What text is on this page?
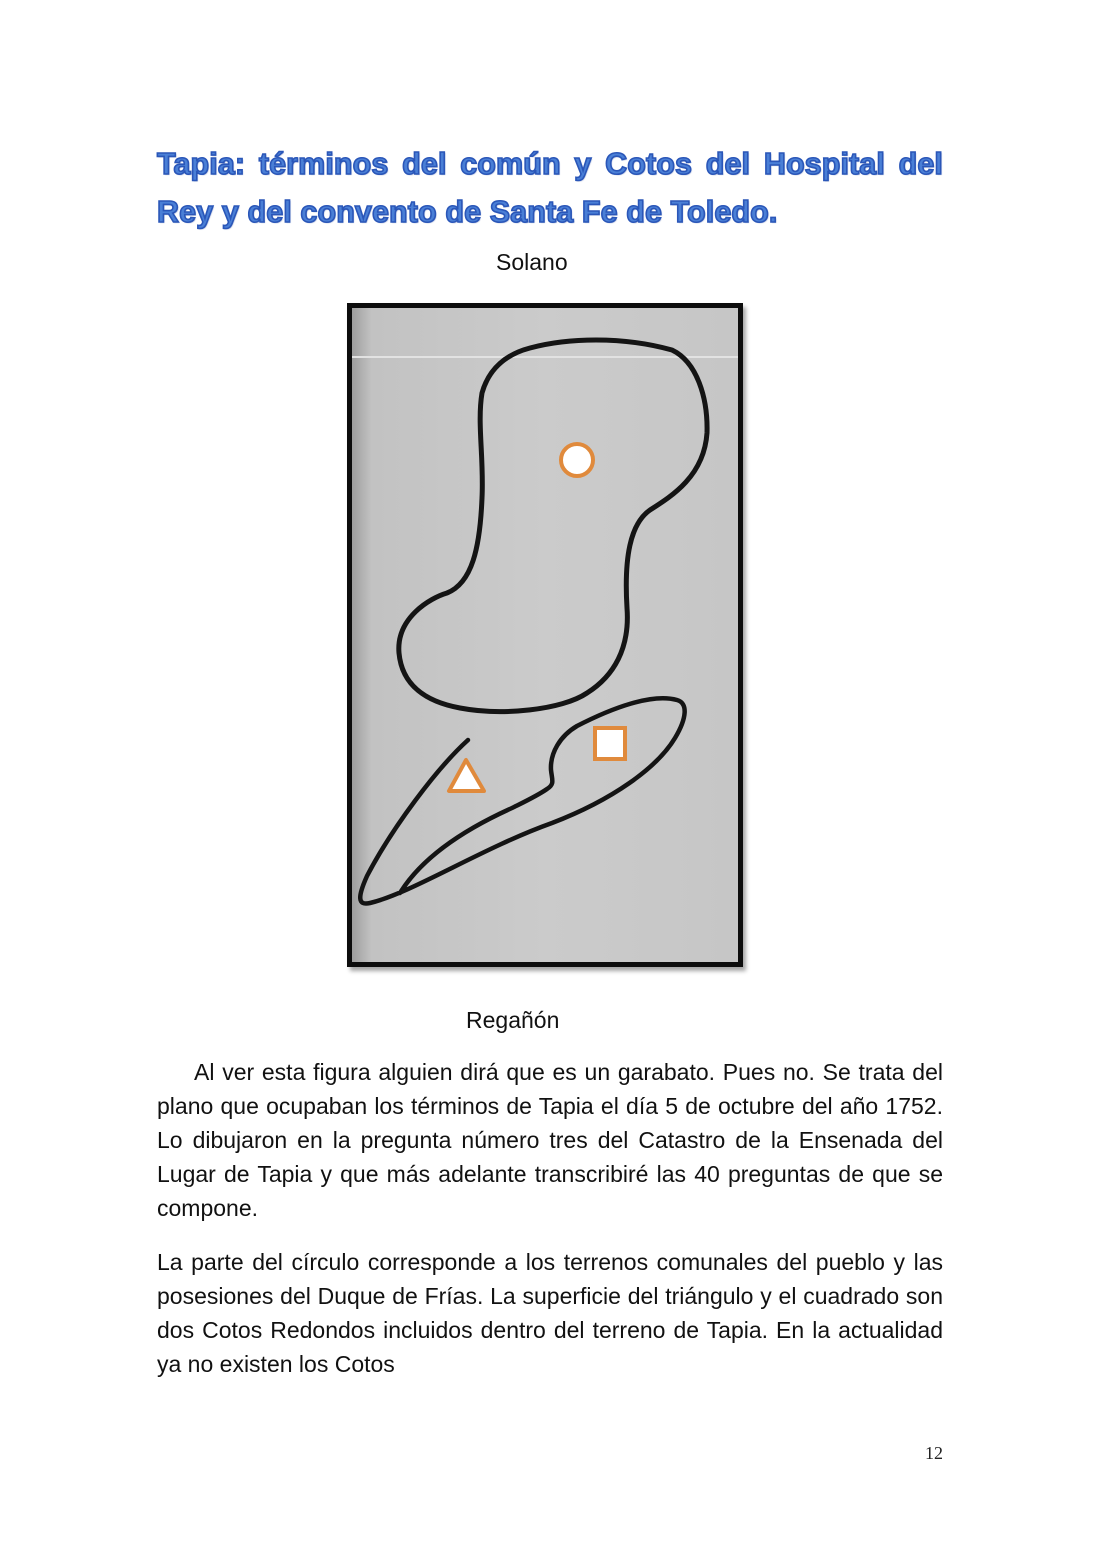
Tapia: términos del común y Cotos del Hospital del Rey y del convento de Santa Fe de Toledo.
Solano
Regañón

Al ver esta figura alguien dirá que es un garabato. Pues no. Se trata del plano que ocupaban los términos de Tapia el día 5 de octubre del año 1752. Lo dibujaron en la pregunta número tres del Catastro de la Ensenada del Lugar de Tapia y que más adelante transcribiré las 40 preguntas de que se compone.

La parte del círculo corresponde a los terrenos comunales del pueblo y las posesiones del Duque de Frías. La superficie del triángulo y el cuadrado son dos Cotos Redondos incluidos dentro del terreno de Tapia. En la actualidad ya no existen los Cotos

12
